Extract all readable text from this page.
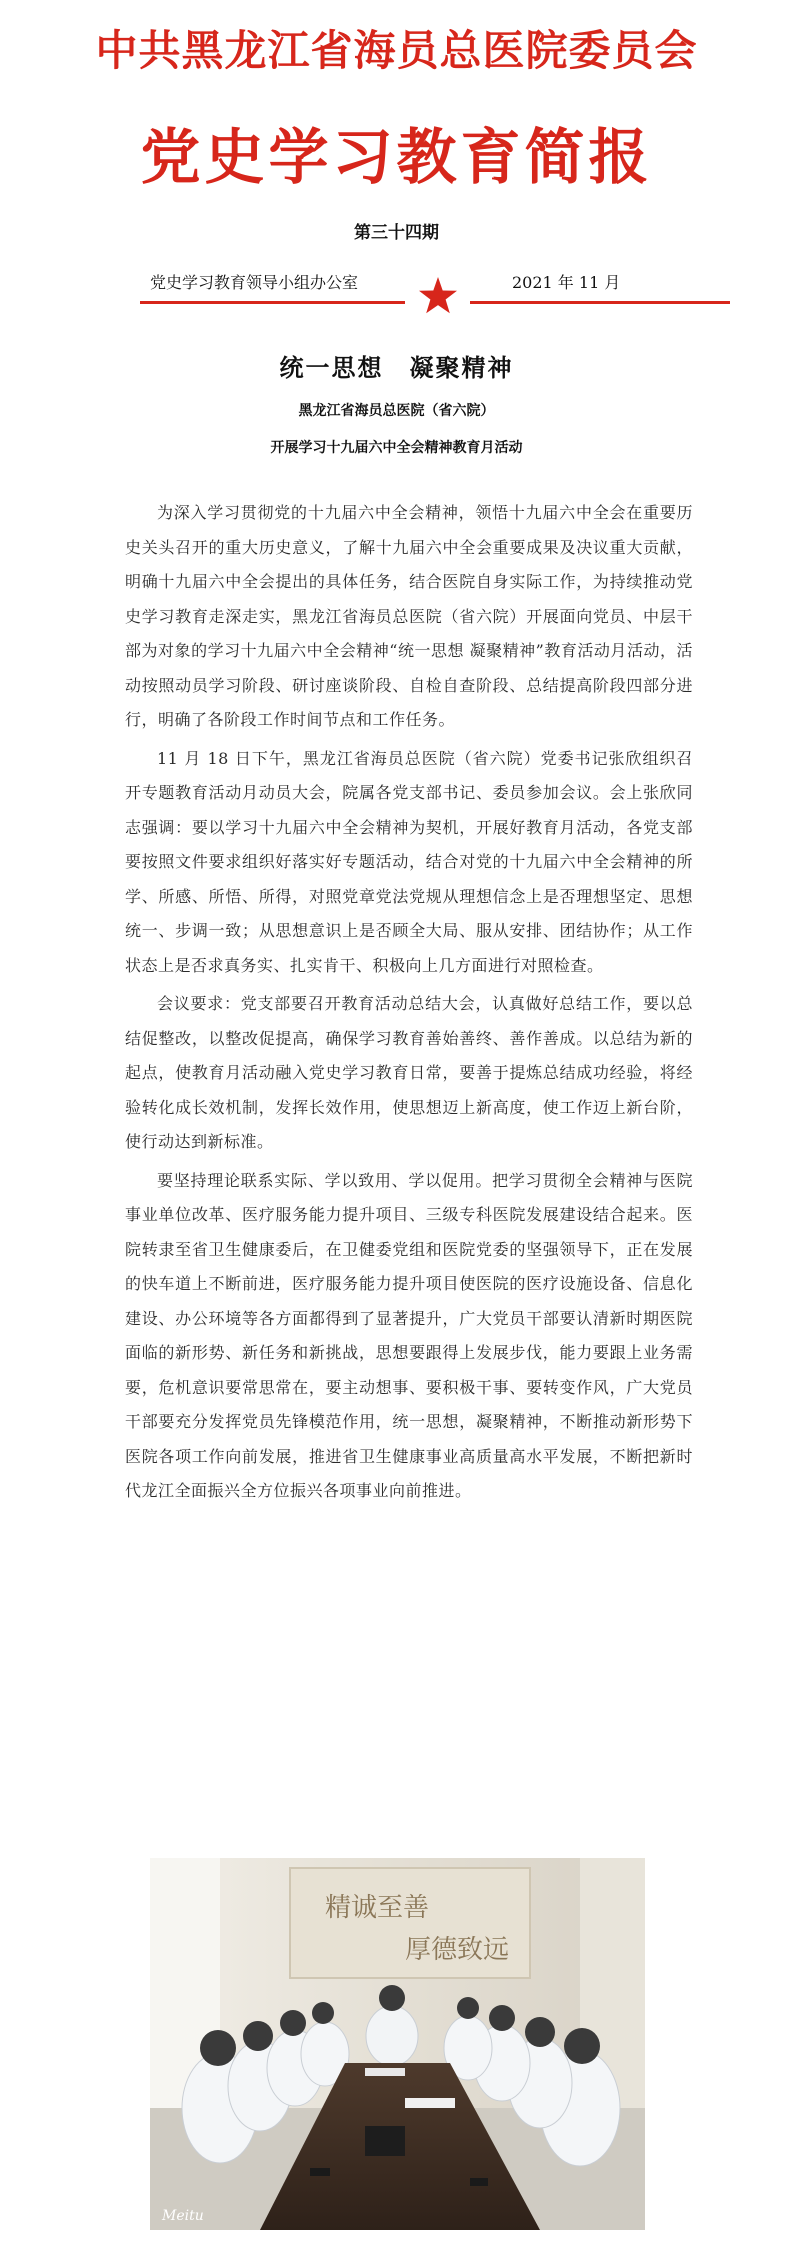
中共黑龙江省海员总医院委员会
党史学习教育简报
第三十四期
党史学习教育领导小组办公室	2021 年 11 月
统一思想　凝聚精神
黑龙江省海员总医院（省六院）
开展学习十九届六中全会精神教育月活动

为深入学习贯彻党的十九届六中全会精神，领悟十九届六中全会在重要历史关头召开的重大历史意义，了解十九届六中全会重要成果及决议重大贡献，明确十九届六中全会提出的具体任务，结合医院自身实际工作，为持续推动党史学习教育走深走实，黑龙江省海员总医院（省六院）开展面向党员、中层干部为对象的学习十九届六中全会精神“统一思想 凝聚精神”教育活动月活动，活动按照动员学习阶段、研讨座谈阶段、自检自查阶段、总结提高阶段四部分进行，明确了各阶段工作时间节点和工作任务。

11 月 18 日下午，黑龙江省海员总医院（省六院）党委书记张欣组织召开专题教育活动月动员大会，院属各党支部书记、委员参加会议。会上张欣同志强调：要以学习十九届六中全会精神为契机，开展好教育月活动，各党支部要按照文件要求组织好落实好专题活动，结合对党的十九届六中全会精神的所学、所感、所悟、所得，对照党章党法党规从理想信念上是否理想坚定、思想统一、步调一致；从思想意识上是否顾全大局、服从安排、团结协作；从工作状态上是否求真务实、扎实肯干、积极向上几方面进行对照检查。

会议要求：党支部要召开教育活动总结大会，认真做好总结工作，要以总结促整改，以整改促提高，确保学习教育善始善终、善作善成。以总结为新的起点，使教育月活动融入党史学习教育日常，要善于提炼总结成功经验，将经验转化成长效机制，发挥长效作用，使思想迈上新高度，使工作迈上新台阶，使行动达到新标准。

要坚持理论联系实际、学以致用、学以促用。把学习贯彻全会精神与医院事业单位改革、医疗服务能力提升项目、三级专科医院发展建设结合起来。医院转隶至省卫生健康委后，在卫健委党组和医院党委的坚强领导下，正在发展的快车道上不断前进，医疗服务能力提升项目使医院的医疗设施设备、信息化建设、办公环境等各方面都得到了显著提升，广大党员干部要认清新时期医院面临的新形势、新任务和新挑战，思想要跟得上发展步伐，能力要跟上业务需要，危机意识要常思常在，要主动想事、要积极干事、要转变作风，广大党员干部要充分发挥党员先锋模范作用，统一思想，凝聚精神，不断推动新形势下医院各项工作向前发展，推进省卫生健康事业高质量高水平发展，不断把新时代龙江全面振兴全方位振兴各项事业向前推进。

精诚至善
厚德致远
Meitu
